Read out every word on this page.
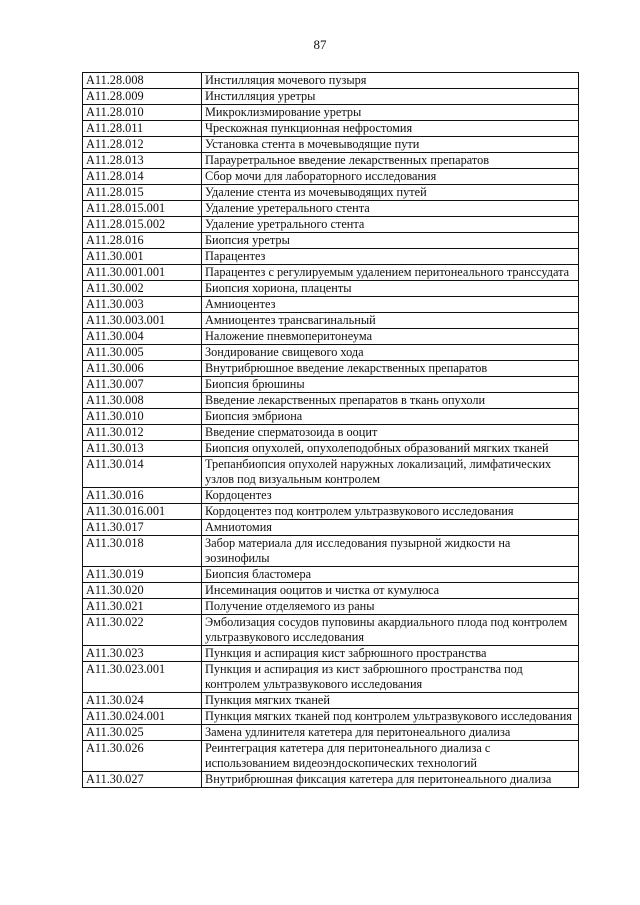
87
A11.28.008	Инстилляция мочевого пузыря
A11.28.009	Инстилляция уретры
A11.28.010	Микроклизмирование уретры
A11.28.011	Чрескожная пункционная нефростомия
A11.28.012	Установка стента в мочевыводящие пути
A11.28.013	Парауретральное введение лекарственных препаратов
A11.28.014	Сбор мочи для лабораторного исследования
A11.28.015	Удаление стента из мочевыводящих путей
A11.28.015.001	Удаление уретерального стента
A11.28.015.002	Удаление уретрального стента
A11.28.016	Биопсия уретры
A11.30.001	Парацентез
A11.30.001.001	Парацентез с регулируемым удалением перитонеального транссудата
A11.30.002	Биопсия хориона, плаценты
A11.30.003	Амниоцентез
A11.30.003.001	Амниоцентез трансвагинальный
A11.30.004	Наложение пневмоперитонеума
A11.30.005	Зондирование свищевого хода
A11.30.006	Внутрибрюшное введение лекарственных препаратов
A11.30.007	Биопсия брюшины
A11.30.008	Введение лекарственных препаратов в ткань опухоли
A11.30.010	Биопсия эмбриона
A11.30.012	Введение сперматозоида в ооцит
A11.30.013	Биопсия опухолей, опухолеподобных образований мягких тканей
A11.30.014	Трепанбиопсия опухолей наружных локализаций, лимфатических узлов под визуальным контролем
A11.30.016	Кордоцентез
A11.30.016.001	Кордоцентез под контролем ультразвукового исследования
A11.30.017	Амниотомия
A11.30.018	Забор материала для исследования пузырной жидкости на эозинофилы
A11.30.019	Биопсия бластомера
A11.30.020	Инсеминация ооцитов и чистка от кумулюса
A11.30.021	Получение отделяемого из раны
A11.30.022	Эмболизация сосудов пуповины акардиального плода под контролем ультразвукового исследования
A11.30.023	Пункция и аспирация кист забрюшного пространства
A11.30.023.001	Пункция и аспирация из кист забрюшного пространства под контролем ультразвукового исследования
A11.30.024	Пункция мягких тканей
A11.30.024.001	Пункция мягких тканей под контролем ультразвукового исследования
A11.30.025	Замена удлинителя катетера для перитонеального диализа
A11.30.026	Реинтеграция катетера для перитонеального диализа с использованием видеоэндоскопических технологий
A11.30.027	Внутрибрюшная фиксация катетера для перитонеального диализа
